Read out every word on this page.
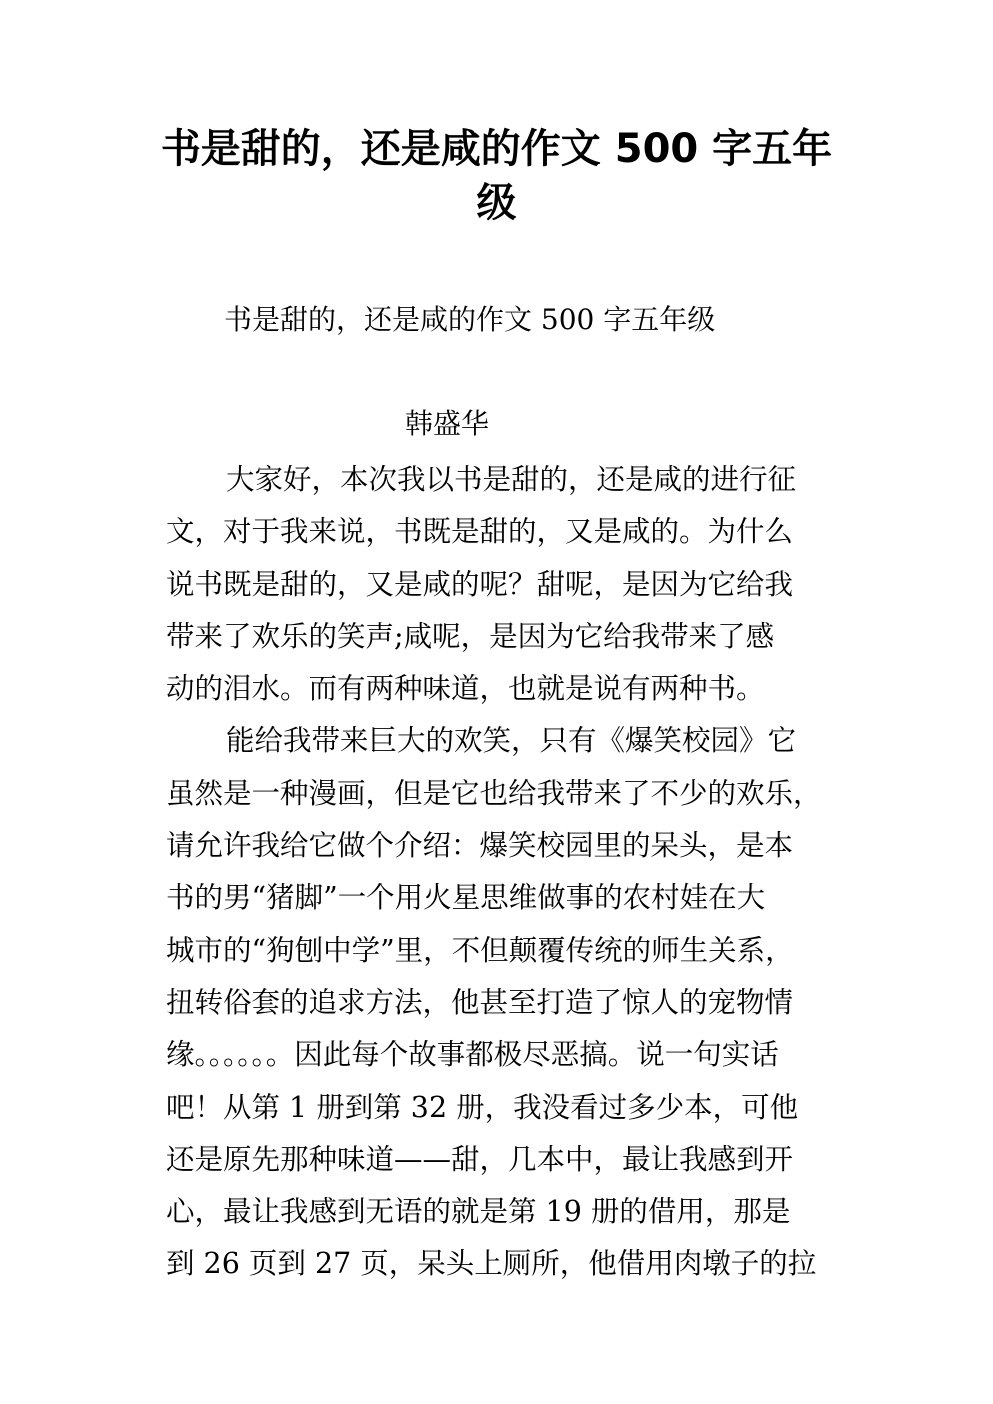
书是甜的，还是咸的作文 500 字五年
级
书是甜的，还是咸的作文 500 字五年级
韩盛华
大家好，本次我以书是甜的，还是咸的进行征
文，对于我来说，书既是甜的，又是咸的。为什么
说书既是甜的，又是咸的呢？甜呢，是因为它给我
带来了欢乐的笑声;咸呢，是因为它给我带来了感
动的泪水。而有两种味道，也就是说有两种书。
能给我带来巨大的欢笑，只有《爆笑校园》它
虽然是一种漫画，但是它也给我带来了不少的欢乐，
请允许我给它做个介绍：爆笑校园里的呆头，是本
书的男“猪脚”一个用火星思维做事的农村娃在大
城市的“狗刨中学”里，不但颠覆传统的师生关系，
扭转俗套的追求方法，他甚至打造了惊人的宠物情
缘。。。。。。因此每个故事都极尽恶搞。说一句实话
吧！从第 1 册到第 32 册，我没看过多少本，可他
还是原先那种味道——甜，几本中，最让我感到开
心，最让我感到无语的就是第 19 册的借用，那是
到 26 页到 27 页，呆头上厕所，他借用肉墩子的拉
